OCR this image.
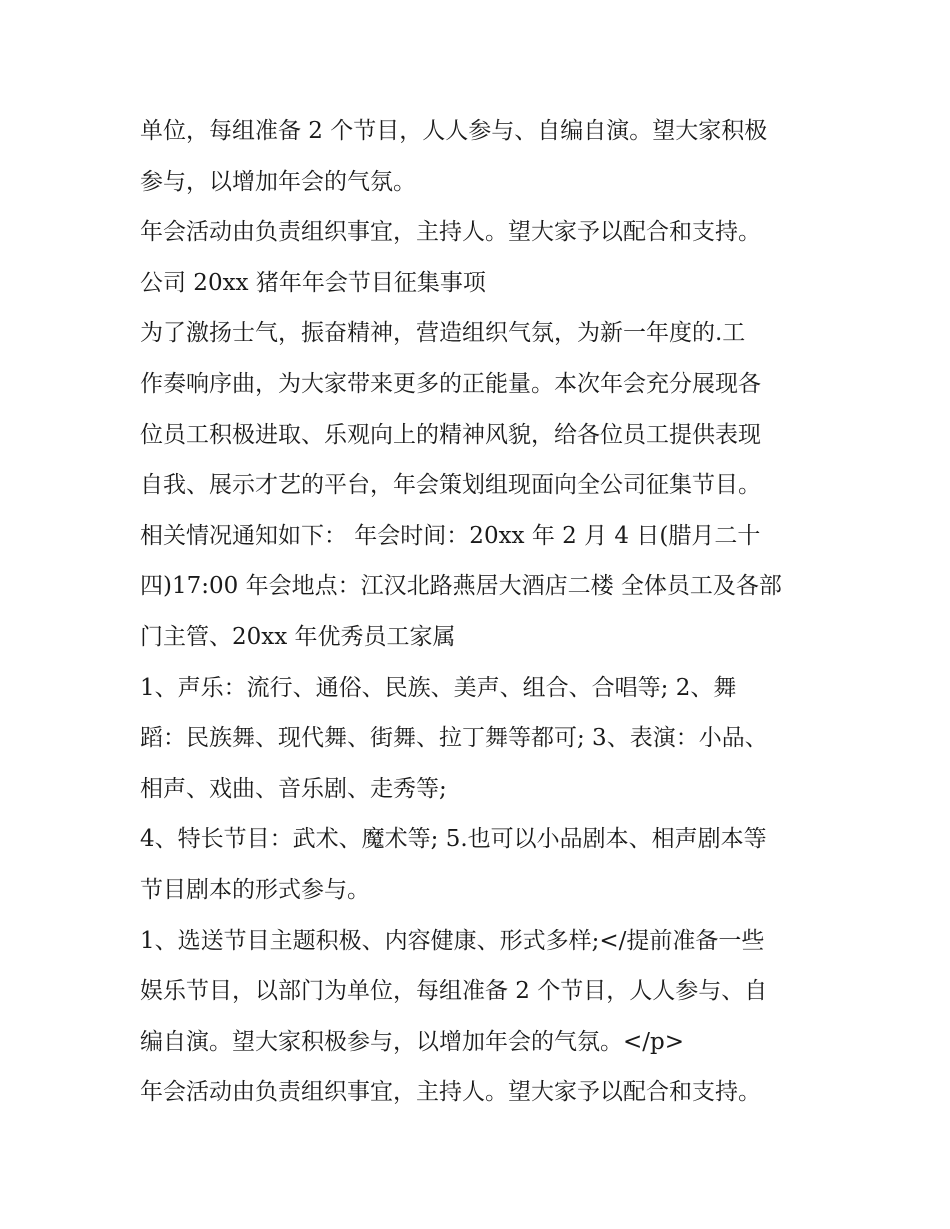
单位，每组准备 2 个节目，人人参与、自编自演。望大家积极
参与，以增加年会的气氛。
年会活动由负责组织事宜，主持人。望大家予以配合和支持。
公司 20xx 猪年年会节目征集事项
为了激扬士气，振奋精神，营造组织气氛，为新一年度的.工
作奏响序曲，为大家带来更多的正能量。本次年会充分展现各
位员工积极进取、乐观向上的精神风貌，给各位员工提供表现
自我、展示才艺的平台，年会策划组现面向全公司征集节目。
相关情况通知如下： 年会时间：20xx 年 2 月 4 日(腊月二十
四)17:00 年会地点：江汉北路燕居大酒店二楼 全体员工及各部
门主管、20xx 年优秀员工家属
1、声乐：流行、通俗、民族、美声、组合、合唱等; 2、舞
蹈：民族舞、现代舞、街舞、拉丁舞等都可; 3、表演：小品、
相声、戏曲、音乐剧、走秀等;
4、特长节目：武术、魔术等; 5.也可以小品剧本、相声剧本等
节目剧本的形式参与。
1、选送节目主题积极、内容健康、形式多样;</提前准备一些
娱乐节目，以部门为单位，每组准备 2 个节目，人人参与、自
编自演。望大家积极参与，以增加年会的气氛。</p>
年会活动由负责组织事宜，主持人。望大家予以配合和支持。
